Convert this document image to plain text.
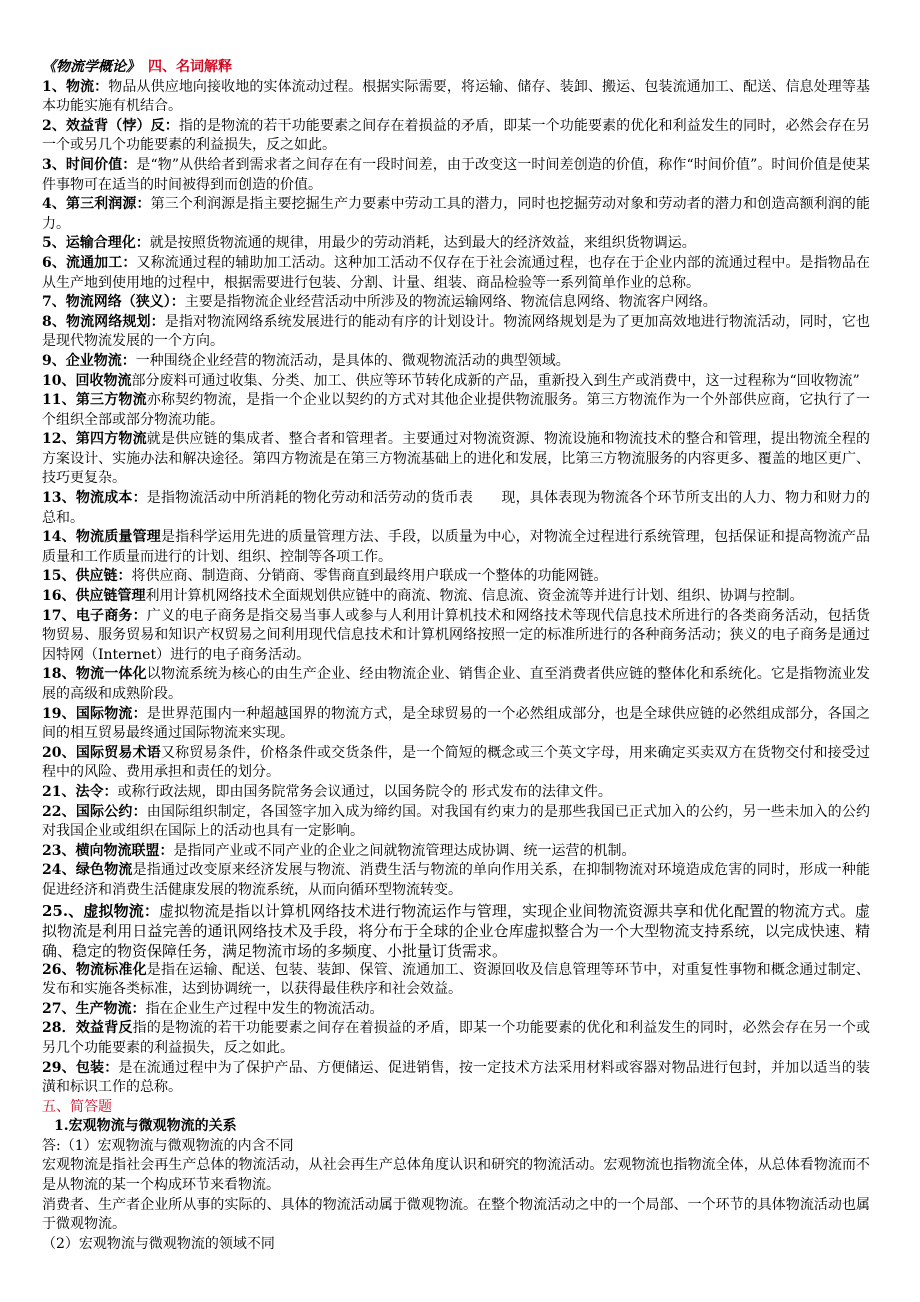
《物流学概论》 四、名词解释
1、物流：物品从供应地向接收地的实体流动过程。根据实际需要，将运输、储存、装卸、搬运、包装流通加工、配送、信息处理等基本功能实施有机结合。
2、效益背（悖）反：指的是物流的若干功能要素之间存在着损益的矛盾，即某一个功能要素的优化和利益发生的同时，必然会存在另一个或另几个功能要素的利益损失，反之如此。
3、时间价值：是“物”从供给者到需求者之间存在有一段时间差，由于改变这一时间差创造的价值，称作“时间价值”。时间价值是使某件事物可在适当的时间被得到而创造的价值。
4、第三利润源：第三个利润源是指主要挖掘生产力要素中劳动工具的潜力，同时也挖掘劳动对象和劳动者的潜力和创造高额利润的能力。
5、运输合理化：就是按照货物流通的规律，用最少的劳动消耗，达到最大的经济效益，来组织货物调运。
6、流通加工：又称流通过程的辅助加工活动。这种加工活动不仅存在于社会流通过程，也存在于企业内部的流通过程中。是指物品在从生产地到使用地的过程中，根据需要进行包装、分割、计量、组装、商品检验等一系列简单作业的总称。
7、物流网络（狭义）：主要是指物流企业经营活动中所涉及的物流运输网络、物流信息网络、物流客户网络。
8、物流网络规划：是指对物流网络系统发展进行的能动有序的计划设计。物流网络规划是为了更加高效地进行物流活动，同时，它也是现代物流发展的一个方向。
9、企业物流：一种围绕企业经营的物流活动，是具体的、微观物流活动的典型领域。
10、回收物流部分废料可通过收集、分类、加工、供应等环节转化成新的产品，重新投入到生产或消费中，这一过程称为“回收物流”
11、第三方物流亦称契约物流，是指一个企业以契约的方式对其他企业提供物流服务。第三方物流作为一个外部供应商，它执行了一个组织全部或部分物流功能。
12、第四方物流就是供应链的集成者、整合者和管理者。主要通过对物流资源、物流设施和物流技术的整合和管理，提出物流全程的方案设计、实施办法和解决途径。第四方物流是在第三方物流基础上的进化和发展，比第三方物流服务的内容更多、覆盖的地区更广、技巧更复杂。
13、物流成本：是指物流活动中所消耗的物化劳动和活劳动的货币表　　现，具体表现为物流各个环节所支出的人力、物力和财力的总和。
14、物流质量管理是指科学运用先进的质量管理方法、手段，以质量为中心，对物流全过程进行系统管理，包括保证和提高物流产品质量和工作质量而进行的计划、组织、控制等各项工作。
15、供应链：将供应商、制造商、分销商、零售商直到最终用户联成一个整体的功能网链。
16、供应链管理利用计算机网络技术全面规划供应链中的商流、物流、信息流、资金流等并进行计划、组织、协调与控制。
17、电子商务：广义的电子商务是指交易当事人或参与人利用计算机技术和网络技术等现代信息技术所进行的各类商务活动，包括货物贸易、服务贸易和知识产权贸易之间利用现代信息技术和计算机网络按照一定的标准所进行的各种商务活动；狭义的电子商务是通过因特网（Internet）进行的电子商务活动。
18、物流一体化以物流系统为核心的由生产企业、经由物流企业、销售企业、直至消费者供应链的整体化和系统化。它是指物流业发展的高级和成熟阶段。
19、国际物流：是世界范围内一种超越国界的物流方式，是全球贸易的一个必然组成部分，也是全球供应链的必然组成部分，各国之间的相互贸易最终通过国际物流来实现。
20、国际贸易术语又称贸易条件，价格条件或交货条件，是一个简短的概念或三个英文字母，用来确定买卖双方在货物交付和接受过程中的风险、费用承担和责任的划分。
21、法令：或称行政法规，即由国务院常务会议通过，以国务院令的 形式发布的法律文件。
22、国际公约：由国际组织制定，各国签字加入成为缔约国。对我国有约束力的是那些我国已正式加入的公约，另一些未加入的公约对我国企业或组织在国际上的活动也具有一定影响。
23、横向物流联盟：是指同产业或不同产业的企业之间就物流管理达成协调、统一运营的机制。
24、绿色物流是指通过改变原来经济发展与物流、消费生活与物流的单向作用关系，在抑制物流对环境造成危害的同时，形成一种能促进经济和消费生活健康发展的物流系统，从而向循环型物流转变。
25.、虚拟物流：虚拟物流是指以计算机网络技术进行物流运作与管理，实现企业间物流资源共享和优化配置的物流方式。虚拟物流是利用日益完善的通讯网络技术及手段，将分布于全球的企业仓库虚拟整合为一个大型物流支持系统，以完成快速、精确、稳定的物资保障任务，满足物流市场的多频度、小批量订货需求。
26、物流标准化是指在运输、配送、包装、装卸、保管、流通加工、资源回收及信息管理等环节中，对重复性事物和概念通过制定、发布和实施各类标准，达到协调统一，以获得最佳秩序和社会效益。
27、生产物流：指在企业生产过程中发生的物流活动。
28．效益背反指的是物流的若干功能要素之间存在着损益的矛盾，即某一个功能要素的优化和利益发生的同时，必然会存在另一个或另几个功能要素的利益损失，反之如此。
29、包装：是在流通过程中为了保护产品、方便储运、促进销售，按一定技术方法采用材料或容器对物品进行包封，并加以适当的装潢和标识工作的总称。
五、简答题
1.宏观物流与微观物流的关系
答:（1）宏观物流与微观物流的内含不同
宏观物流是指社会再生产总体的物流活动，从社会再生产总体角度认识和研究的物流活动。宏观物流也指物流全体，从总体看物流而不是从物流的某一个构成环节来看物流。
消费者、生产者企业所从事的实际的、具体的物流活动属于微观物流。在整个物流活动之中的一个局部、一个环节的具体物流活动也属于微观物流。
（2）宏观物流与微观物流的领域不同
